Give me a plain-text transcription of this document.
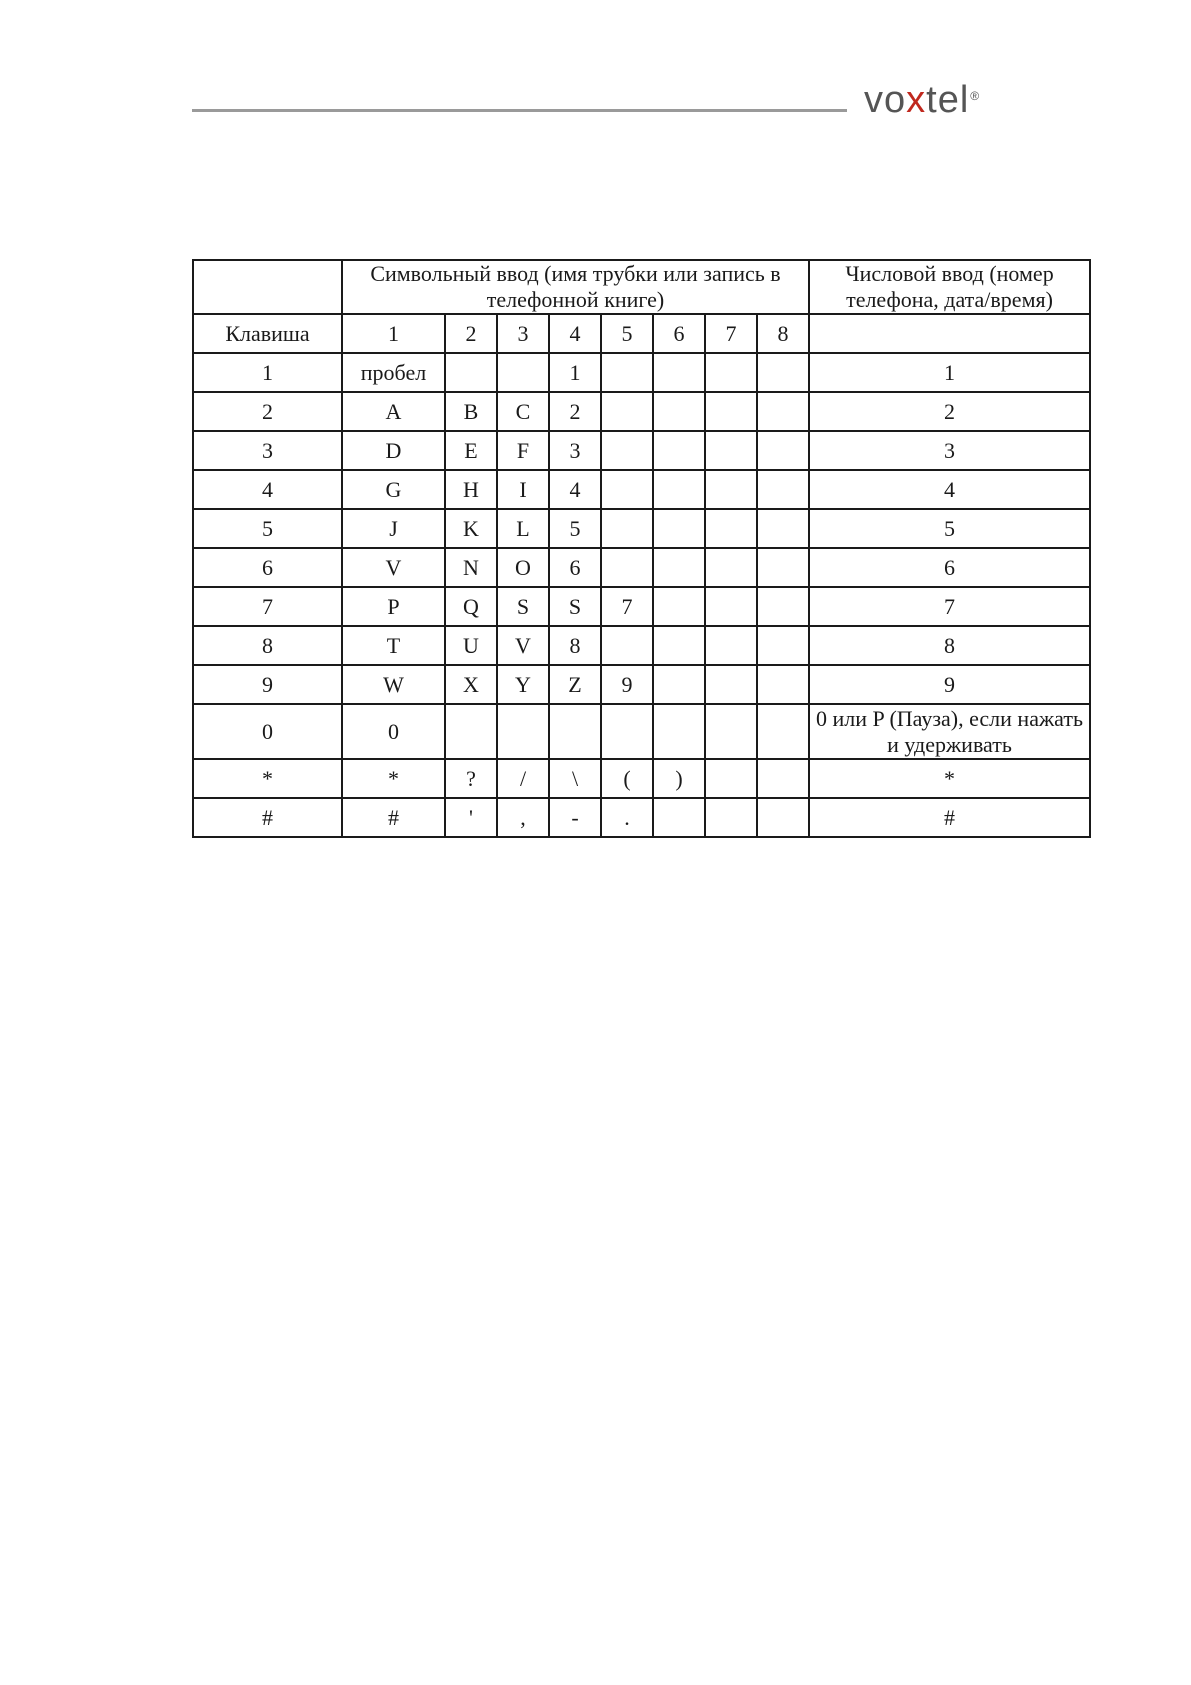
voxtel®
	Символьный ввод (имя трубки или запись в телефонной книге)								Числовой ввод (номер телефона, дата/время)
Клавиша	1	2	3	4	5	6	7	8	
1	пробел			1					1
2	A	B	C	2					2
3	D	E	F	3					3
4	G	H	I	4					4
5	J	K	L	5					5
6	V	N	O	6					6
7	P	Q	S	S	7				7
8	T	U	V	8					8
9	W	X	Y	Z	9				9
0	0								0 или P (Пауза), если нажать и удерживать
*	*	?	/	\	(	)			*
#	#	'	,	-	.				#
